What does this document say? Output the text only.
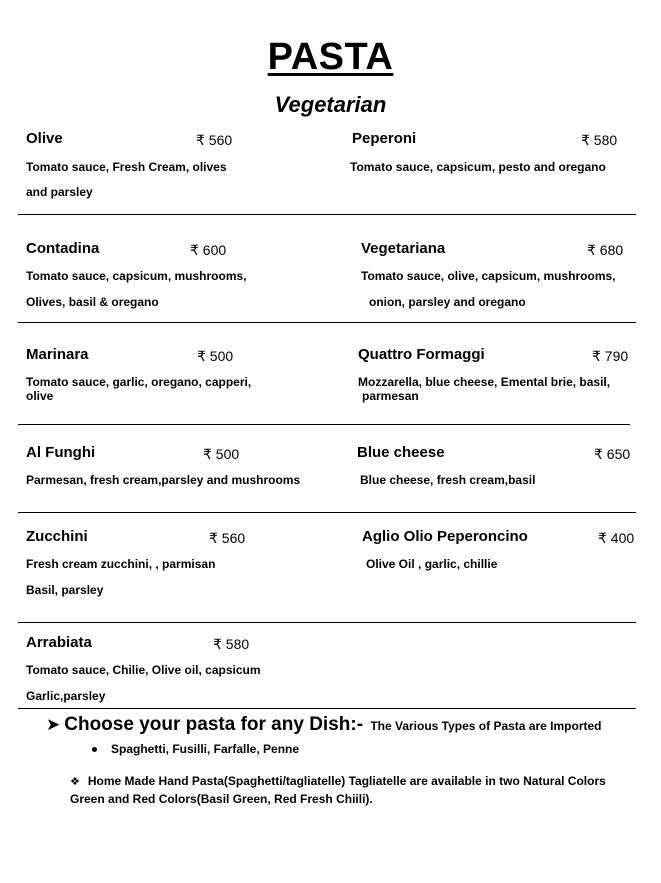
PASTA
Vegetarian
Olive	₹ 560
Tomato sauce, Fresh Cream, olives
and parsley
Peperoni	₹ 580
Tomato sauce, capsicum, pesto and oregano
Contadina	₹ 600
Tomato sauce, capsicum, mushrooms,
Olives, basil & oregano
Vegetariana	₹ 680
Tomato sauce, olive, capsicum, mushrooms,
onion, parsley and oregano
Marinara	₹ 500
Tomato sauce, garlic, oregano, capperi,
olive
Quattro Formaggi	₹ 790
Mozzarella, blue cheese, Emental brie, basil,
parmesan
Al Funghi	₹ 500
Parmesan, fresh cream,parsley and mushrooms
Blue cheese	₹ 650
Blue cheese, fresh cream,basil
Zucchini	₹ 560
Fresh cream zucchini, , parmisan
Basil, parsley
Aglio Olio Peperoncino	₹ 400
Olive Oil , garlic, chillie
Arrabiata	₹ 580
Tomato sauce, Chilie, Olive oil, capsicum
Garlic,parsley
➤ Choose your pasta for any Dish:- The Various Types of Pasta are Imported
Spaghetti, Fusilli, Farfalle, Penne
❖ Home Made Hand Pasta(Spaghetti/tagliatelle) Tagliatelle are available in two Natural Colors Green and Red Colors(Basil Green, Red Fresh Chiili).
